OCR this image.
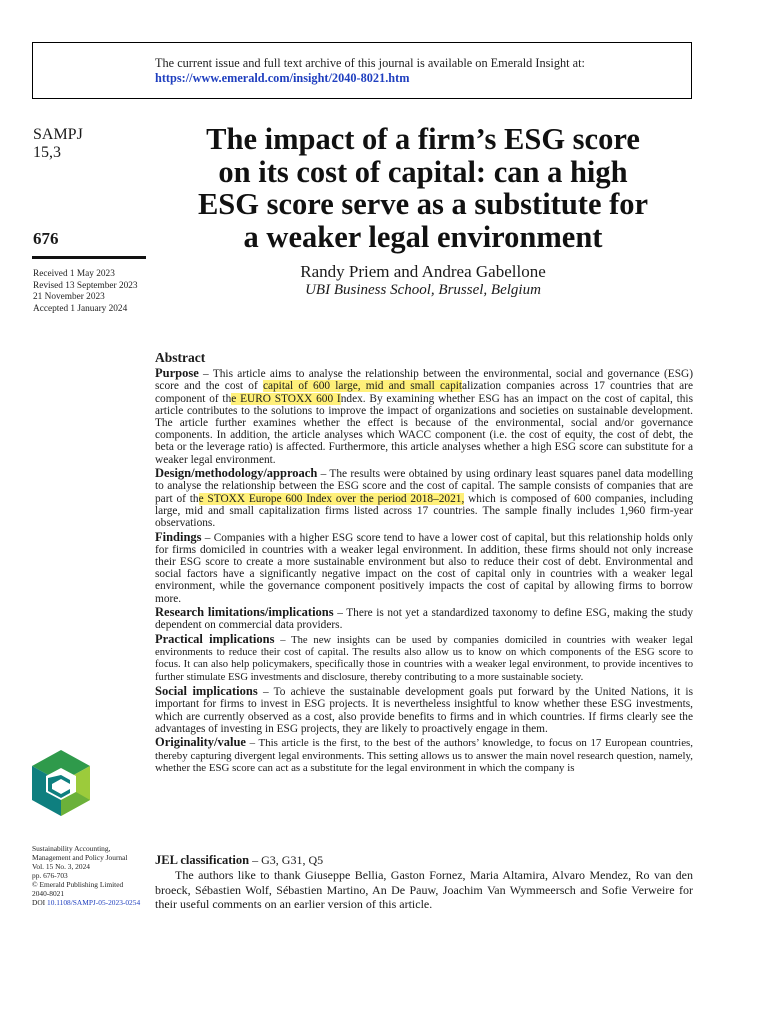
The current issue and full text archive of this journal is available on Emerald Insight at:
https://www.emerald.com/insight/2040-8021.htm
SAMPJ
15,3
676
Received 1 May 2023
Revised 13 September 2023
21 November 2023
Accepted 1 January 2024
The impact of a firm’s ESG score
on its cost of capital: can a high
ESG score serve as a substitute for
a weaker legal environment
Randy Priem and Andrea Gabellone
UBI Business School, Brussel, Belgium
Abstract

Purpose – This article aims to analyse the relationship between the environmental, social and governance (ESG) score and the cost of capital of 600 large, mid and small capitalization companies across 17 countries that are component of the EURO STOXX 600 Index. By examining whether ESG has an impact on the cost of capital, this article contributes to the solutions to improve the impact of organizations and societies on sustainable development. The article further examines whether the effect is because of the environmental, social and/or governance components. In addition, the article analyses which WACC component (i.e. the cost of equity, the cost of debt, the beta or the leverage ratio) is affected. Furthermore, this article analyses whether a high ESG score can substitute for a weaker legal environment.

Design/methodology/approach – The results were obtained by using ordinary least squares panel data modelling to analyse the relationship between the ESG score and the cost of capital. The sample consists of companies that are part of the STOXX Europe 600 Index over the period 2018–2021, which is composed of 600 companies, including large, mid and small capitalization firms listed across 17 countries. The sample finally includes 1,960 firm-year observations.

Findings – Companies with a higher ESG score tend to have a lower cost of capital, but this relationship holds only for firms domiciled in countries with a weaker legal environment. In addition, these firms should not only increase their ESG score to create a more sustainable environment but also to reduce their cost of debt. Environmental and social factors have a significantly negative impact on the cost of capital only in countries with a weaker legal environment, while the governance component positively impacts the cost of capital by allowing firms to borrow more.

Research limitations/implications – There is not yet a standardized taxonomy to define ESG, making the study dependent on commercial data providers.

Practical implications – The new insights can be used by companies domiciled in countries with weaker legal environments to reduce their cost of capital. The results also allow us to know on which components of the ESG score to focus. It can also help policymakers, specifically those in countries with a weaker legal environment, to provide incentives to further stimulate ESG investments and disclosure, thereby contributing to a more sustainable society.

Social implications – To achieve the sustainable development goals put forward by the United Nations, it is important for firms to invest in ESG projects. It is nevertheless insightful to know whether these ESG investments, which are currently observed as a cost, also provide benefits to firms and in which countries. If firms clearly see the advantages of investing in ESG projects, they are likely to proactively engage in them.

Originality/value – This article is the first, to the best of the authors’ knowledge, to focus on 17 European countries, thereby capturing divergent legal environments. This setting allows us to answer the main novel research question, namely, whether the ESG score can act as a substitute for the legal environment in which the company is

JEL classification – G3, G31, Q5
The authors like to thank Giuseppe Bellia, Gaston Fornez, Maria Altamira, Alvaro Mendez, Ro van den broeck, Sébastien Wolf, Sébastien Martino, An De Pauw, Joachim Van Wymmeersch and Sofie Verweire for their useful comments on an earlier version of this article.
Sustainability Accounting,
Management and Policy Journal
Vol. 15 No. 3, 2024
pp. 676-703
© Emerald Publishing Limited
2040-8021
DOI 10.1108/SAMPJ-05-2023-0254
